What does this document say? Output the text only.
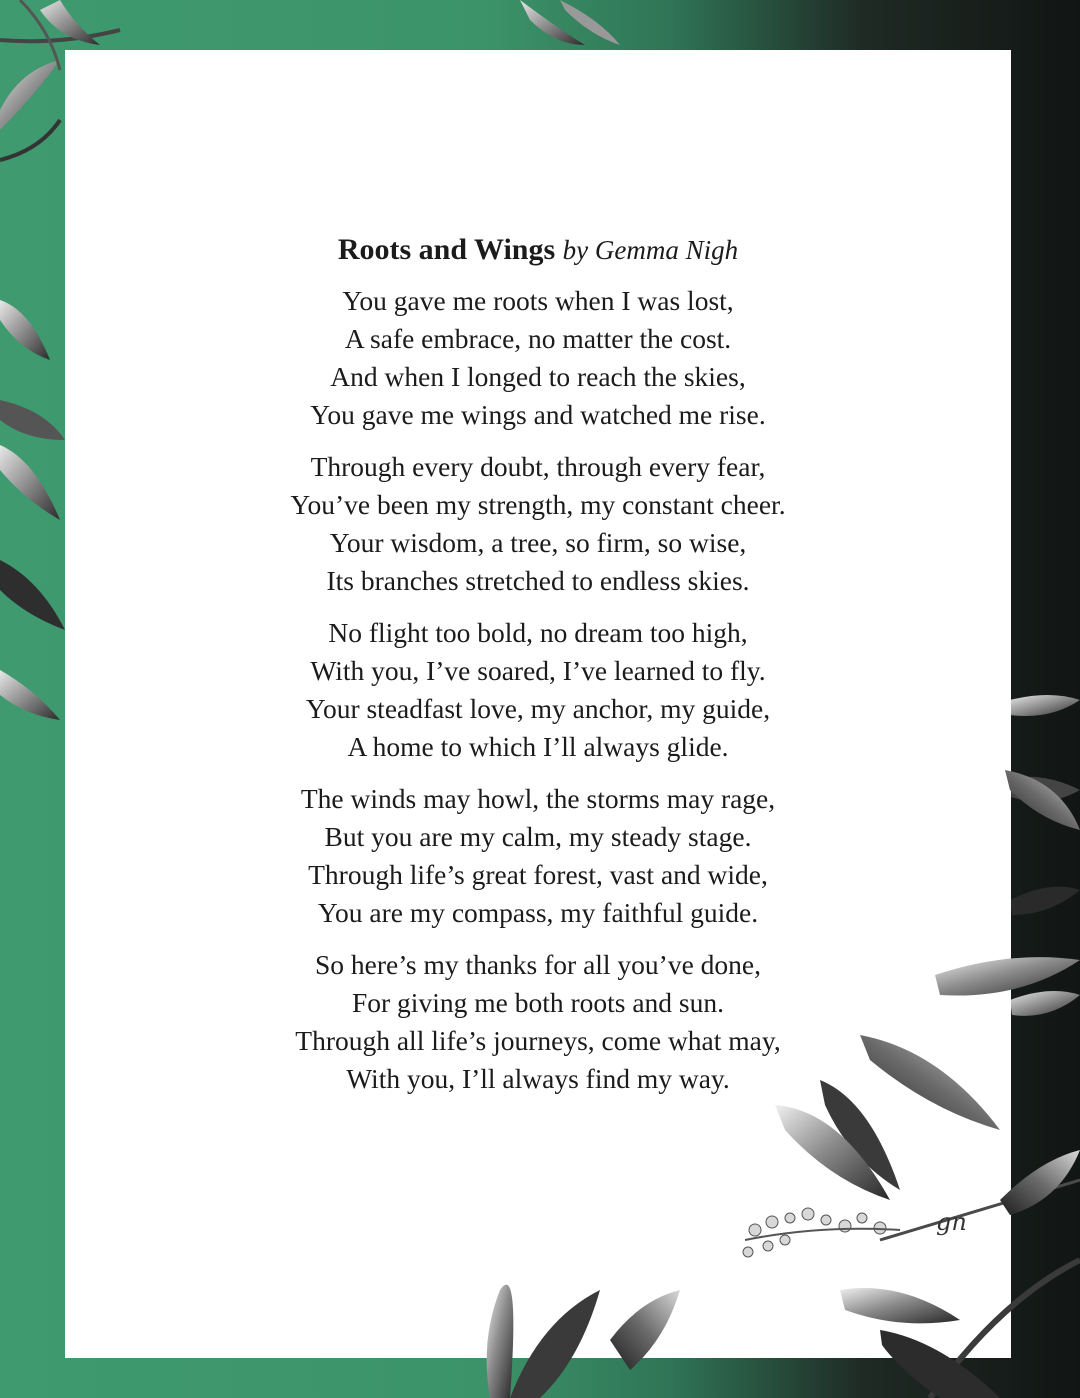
Roots and Wings by Gemma Nigh
You gave me roots when I was lost,
A safe embrace, no matter the cost.
And when I longed to reach the skies,
You gave me wings and watched me rise.
Through every doubt, through every fear,
You’ve been my strength, my constant cheer.
Your wisdom, a tree, so firm, so wise,
Its branches stretched to endless skies.
No flight too bold, no dream too high,
With you, I’ve soared, I’ve learned to fly.
Your steadfast love, my anchor, my guide,
A home to which I’ll always glide.
The winds may howl, the storms may rage,
But you are my calm, my steady stage.
Through life’s great forest, vast and wide,
You are my compass, my faithful guide.
So here’s my thanks for all you’ve done,
For giving me both roots and sun.
Through all life’s journeys, come what may,
With you, I’ll always find my way.
gn
